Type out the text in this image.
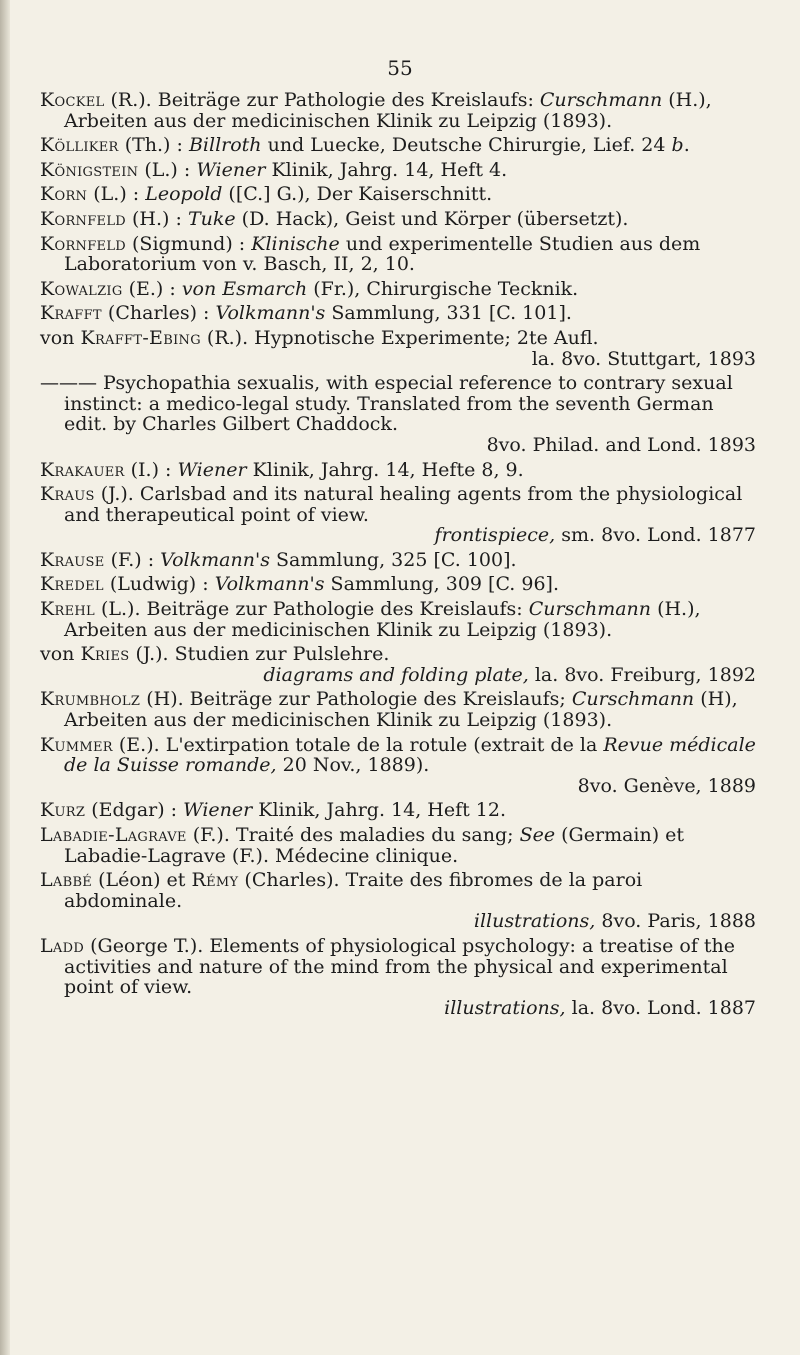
55

Kockel (R.). Beiträge zur Pathologie des Kreislaufs: Curschmann (H.), Arbeiten aus der medicinischen Klinik zu Leipzig (1893).

Kölliker (Th.) : Billroth und Luecke, Deutsche Chirurgie, Lief. 24 b.

Königstein (L.) : Wiener Klinik, Jahrg. 14, Heft 4.

Korn (L.) : Leopold ([C.] G.), Der Kaiserschnitt.

Kornfeld (H.) : Tuke (D. Hack), Geist und Körper (übersetzt).

Kornfeld (Sigmund) : Klinische und experimentelle Studien aus dem Laboratorium von v. Basch, II, 2, 10.

Kowalzig (E.) : von Esmarch (Fr.), Chirurgische Tecknik.

Krafft (Charles) : Volkmann's Sammlung, 331 [C. 101].

von Krafft-Ebing (R.). Hypnotische Experimente; 2te Aufl.
la. 8vo. Stuttgart, 1893

——— Psychopathia sexualis, with especial reference to contrary sexual instinct: a medico-legal study. Translated from the seventh German edit. by Charles Gilbert Chaddock.
8vo. Philad. and Lond. 1893

Krakauer (I.) : Wiener Klinik, Jahrg. 14, Hefte 8, 9.

Kraus (J.). Carlsbad and its natural healing agents from the physiological and therapeutical point of view.
frontispiece, sm. 8vo. Lond. 1877

Krause (F.) : Volkmann's Sammlung, 325 [C. 100].

Kredel (Ludwig) : Volkmann's Sammlung, 309 [C. 96].

Krehl (L.). Beiträge zur Pathologie des Kreislaufs: Curschmann (H.), Arbeiten aus der medicinischen Klinik zu Leipzig (1893).

von Kries (J.). Studien zur Pulslehre.
diagrams and folding plate, la. 8vo. Freiburg, 1892

Krumbholz (H). Beiträge zur Pathologie des Kreislaufs; Curschmann (H), Arbeiten aus der medicinischen Klinik zu Leipzig (1893).

Kummer (E.). L'extirpation totale de la rotule (extrait de la Revue médicale de la Suisse romande, 20 Nov., 1889).
8vo. Genève, 1889

Kurz (Edgar) : Wiener Klinik, Jahrg. 14, Heft 12.

Labadie-Lagrave (F.). Traité des maladies du sang; See (Germain) et Labadie-Lagrave (F.). Médecine clinique.

Labbé (Léon) et Rémy (Charles). Traite des fibromes de la paroi abdominale.
illustrations, 8vo. Paris, 1888

Ladd (George T.). Elements of physiological psychology: a treatise of the activities and nature of the mind from the physical and experimental point of view.
illustrations, la. 8vo. Lond. 1887
